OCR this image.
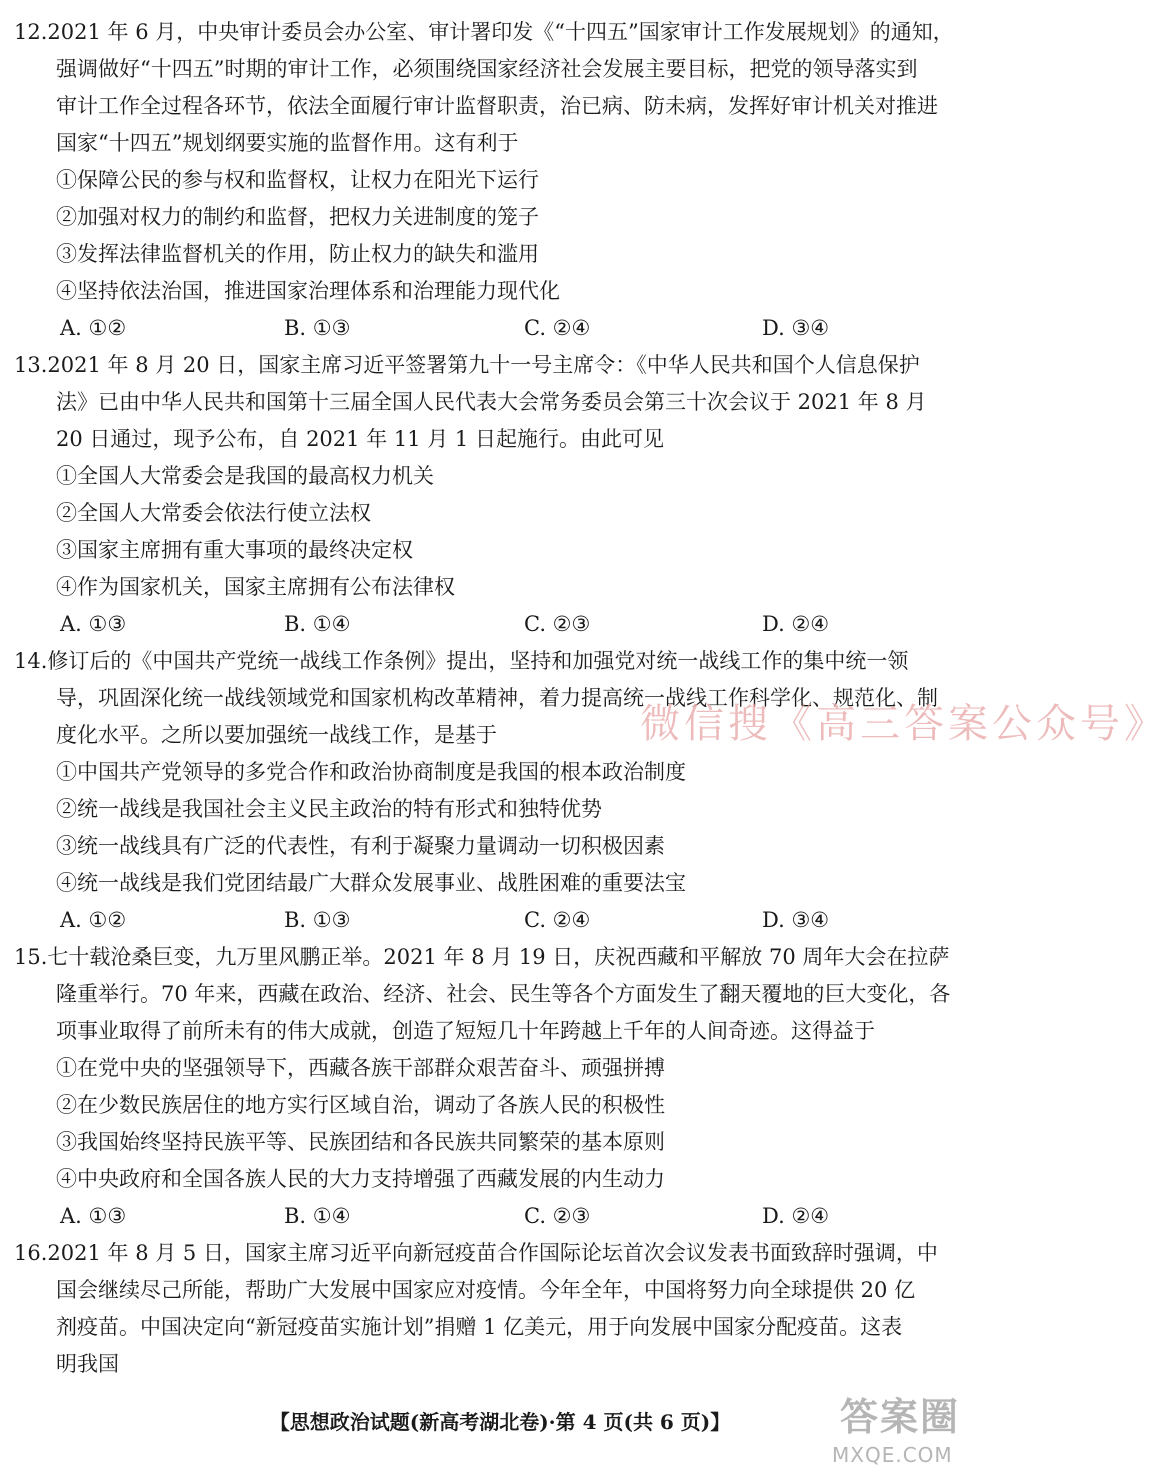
12.2021 年 6 月，中央审计委员会办公室、审计署印发《“十四五”国家审计工作发展规划》的通知，
强调做好“十四五”时期的审计工作，必须围绕国家经济社会发展主要目标，把党的领导落实到
审计工作全过程各环节，依法全面履行审计监督职责，治已病、防未病，发挥好审计机关对推进
国家“十四五”规划纲要实施的监督作用。这有利于
①保障公民的参与权和监督权，让权力在阳光下运行
②加强对权力的制约和监督，把权力关进制度的笼子
③发挥法律监督机关的作用，防止权力的缺失和滥用
④坚持依法治国，推进国家治理体系和治理能力现代化
A. ①②	B. ①③	C. ②④	D. ③④
13.2021 年 8 月 20 日，国家主席习近平签署第九十一号主席令：《中华人民共和国个人信息保护
法》已由中华人民共和国第十三届全国人民代表大会常务委员会第三十次会议于 2021 年 8 月
20 日通过，现予公布，自 2021 年 11 月 1 日起施行。由此可见
①全国人大常委会是我国的最高权力机关
②全国人大常委会依法行使立法权
③国家主席拥有重大事项的最终决定权
④作为国家机关，国家主席拥有公布法律权
A. ①③	B. ①④	C. ②③	D. ②④
14.修订后的《中国共产党统一战线工作条例》提出，坚持和加强党对统一战线工作的集中统一领
导，巩固深化统一战线领域党和国家机构改革精神，着力提高统一战线工作科学化、规范化、制
度化水平。之所以要加强统一战线工作，是基于
①中国共产党领导的多党合作和政治协商制度是我国的根本政治制度
②统一战线是我国社会主义民主政治的特有形式和独特优势
③统一战线具有广泛的代表性，有利于凝聚力量调动一切积极因素
④统一战线是我们党团结最广大群众发展事业、战胜困难的重要法宝
A. ①②	B. ①③	C. ②④	D. ③④
15.七十载沧桑巨变，九万里风鹏正举。2021 年 8 月 19 日，庆祝西藏和平解放 70 周年大会在拉萨
隆重举行。70 年来，西藏在政治、经济、社会、民生等各个方面发生了翻天覆地的巨大变化，各
项事业取得了前所未有的伟大成就，创造了短短几十年跨越上千年的人间奇迹。这得益于
①在党中央的坚强领导下，西藏各族干部群众艰苦奋斗、顽强拼搏
②在少数民族居住的地方实行区域自治，调动了各族人民的积极性
③我国始终坚持民族平等、民族团结和各民族共同繁荣的基本原则
④中央政府和全国各族人民的大力支持增强了西藏发展的内生动力
A. ①③	B. ①④	C. ②③	D. ②④
16.2021 年 8 月 5 日，国家主席习近平向新冠疫苗合作国际论坛首次会议发表书面致辞时强调，中
国会继续尽己所能，帮助广大发展中国家应对疫情。今年全年，中国将努力向全球提供 20 亿
剂疫苗。中国决定向“新冠疫苗实施计划”捐赠 1 亿美元，用于向发展中国家分配疫苗。这表
明我国
微信搜《高三答案公众号》
【思想政治试题(新高考湖北卷)·第 4 页(共 6 页)】	答案圈
MXQE.COM
